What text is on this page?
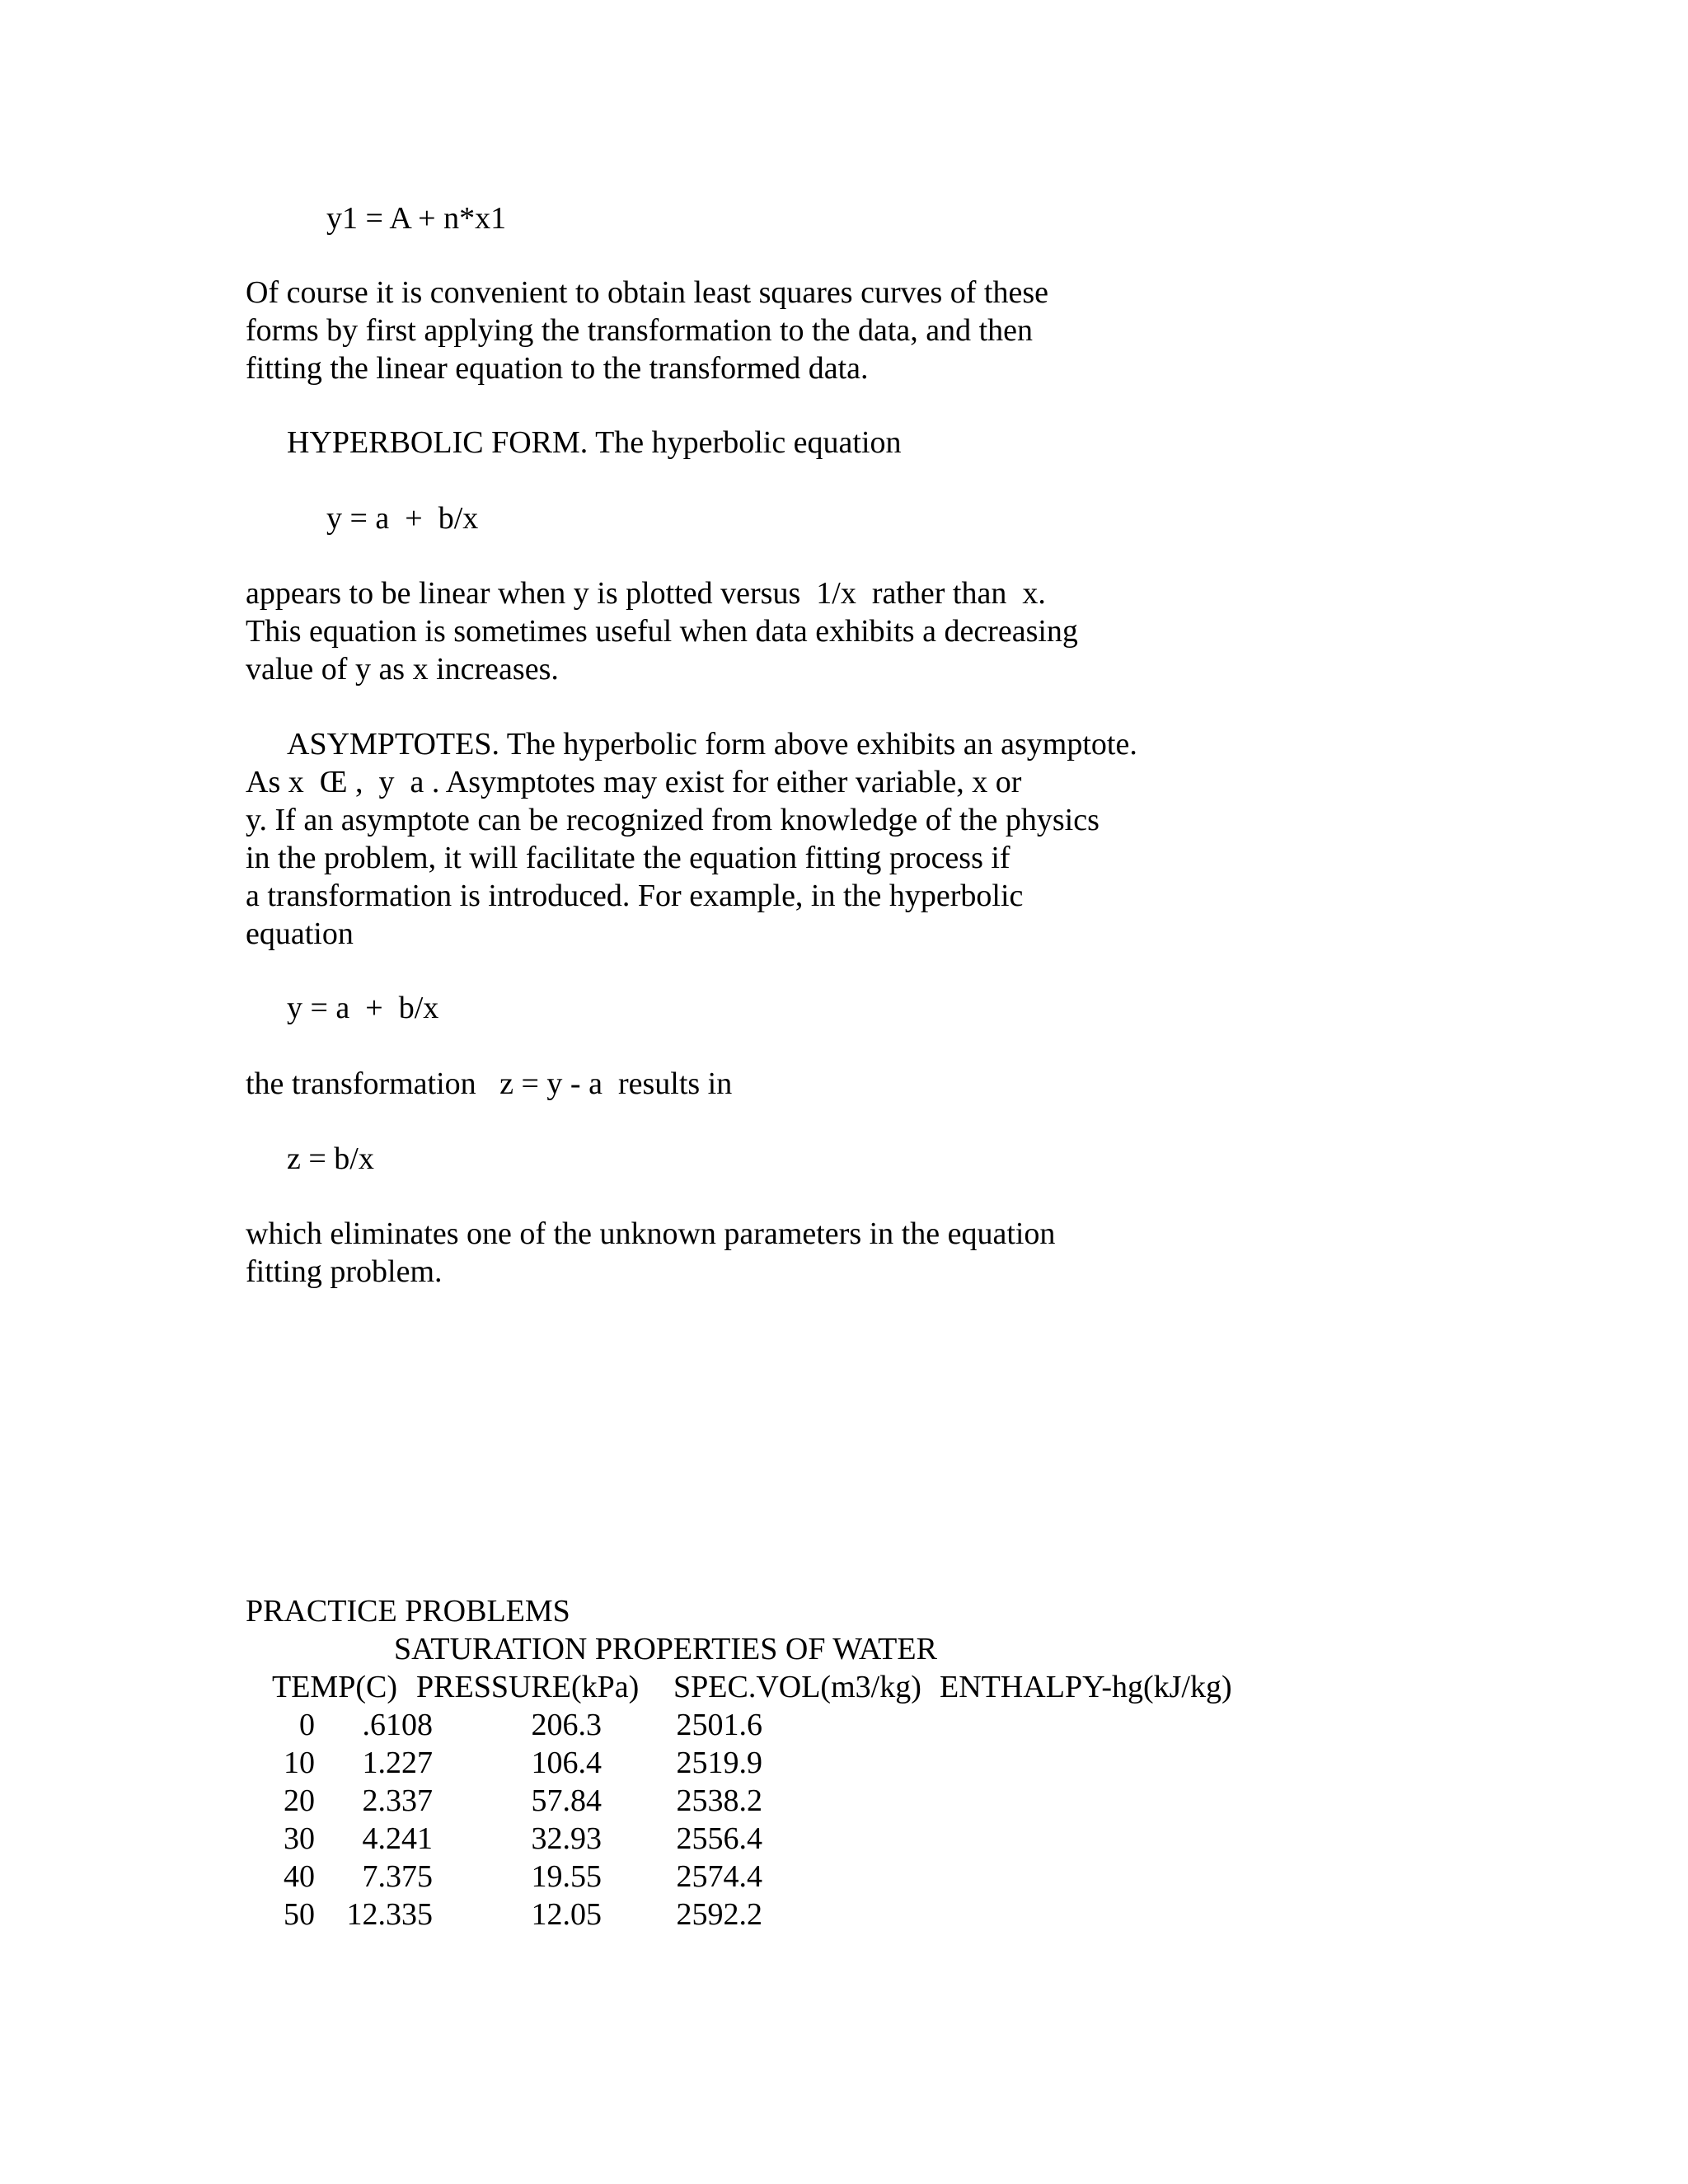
y1 = A + n*x1
Of course it is convenient to obtain least squares curves of these
forms by first applying the transformation to the data, and then
fitting the linear equation to the transformed data.
HYPERBOLIC FORM. The hyperbolic equation
y = a  +  b/x
appears to be linear when y is plotted versus  1/x  rather than  x.
This equation is sometimes useful when data exhibits a decreasing
value of y as x increases.
ASYMPTOTES. The hyperbolic form above exhibits an asymptote.
As x  Œ ,  y  a . Asymptotes may exist for either variable, x or
y. If an asymptote can be recognized from knowledge of the physics
in the problem, it will facilitate the equation fitting process if
a transformation is introduced. For example, in the hyperbolic
equation
y = a  +  b/x
the transformation   z = y - a  results in
z = b/x
which eliminates one of the unknown parameters in the equation
fitting problem.
PRACTICE PROBLEMS
SATURATION PROPERTIES OF WATER
TEMP(C) PRESSURE(kPa) SPEC.VOL(m3/kg) ENTHALPY-hg(kJ/kg)
0	.6108	206.3	2501.6
10	1.227	106.4	2519.9
20	2.337	57.84	2538.2
30	4.241	32.93	2556.4
40	7.375	19.55	2574.4
50	12.335	12.05	2592.2
